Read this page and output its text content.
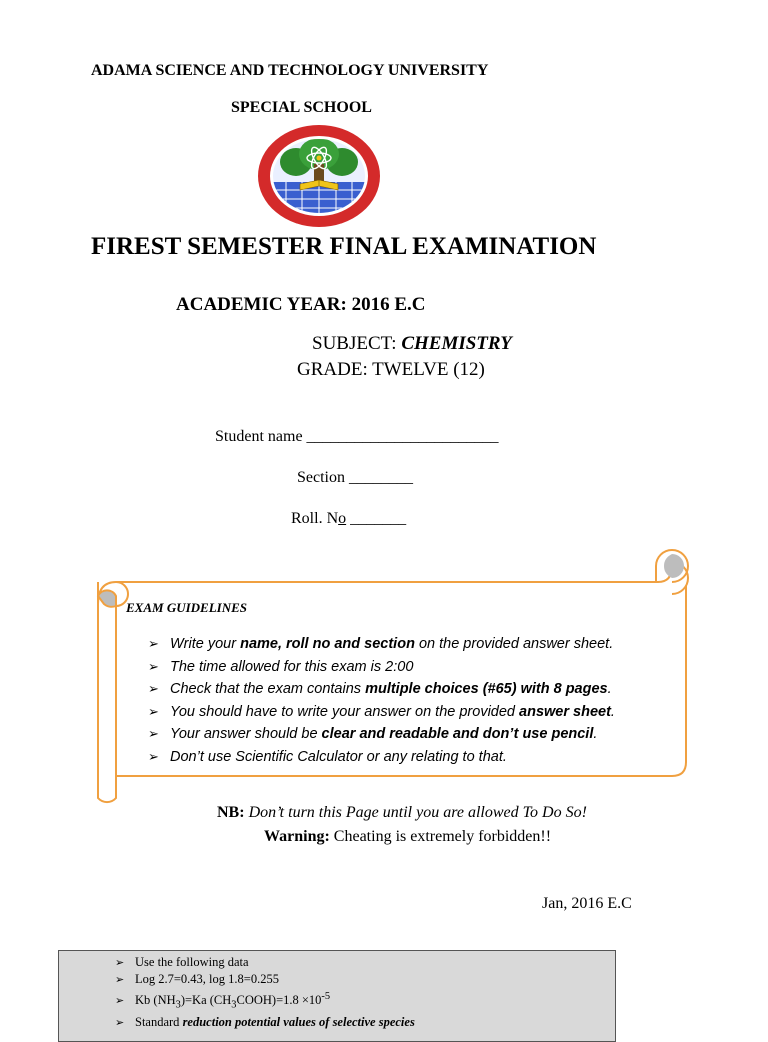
ADAMA SCIENCE AND TECHNOLOGY UNIVERSITY
SPECIAL SCHOOL
FIREST SEMESTER FINAL EXAMINATION
ACADEMIC YEAR: 2016 E.C
SUBJECT: CHEMISTRY
GRADE: TWELVE (12)
Student name ________________________
Section ________
Roll. No _______
EXAM GUIDELINES
➢ Write your name, roll no and section on the provided answer sheet.
➢ The time allowed for this exam is 2:00
➢ Check that the exam contains multiple choices (#65) with 8 pages.
➢ You should have to write your answer on the provided answer sheet.
➢ Your answer should be clear and readable and don’t use pencil.
➢ Don’t use Scientific Calculator or any relating to that.
NB: Don’t turn this Page until you are allowed To Do So!
Warning: Cheating is extremely forbidden!!
Jan, 2016 E.C
➢ Use the following data
➢ Log 2.7=0.43, log 1.8=0.255
➢ Kb $(NH_3)=Ka$ $(CH_3COOH)=1.8 \times 10^{-5}$
➢ Standard reduction potential values of selective species
